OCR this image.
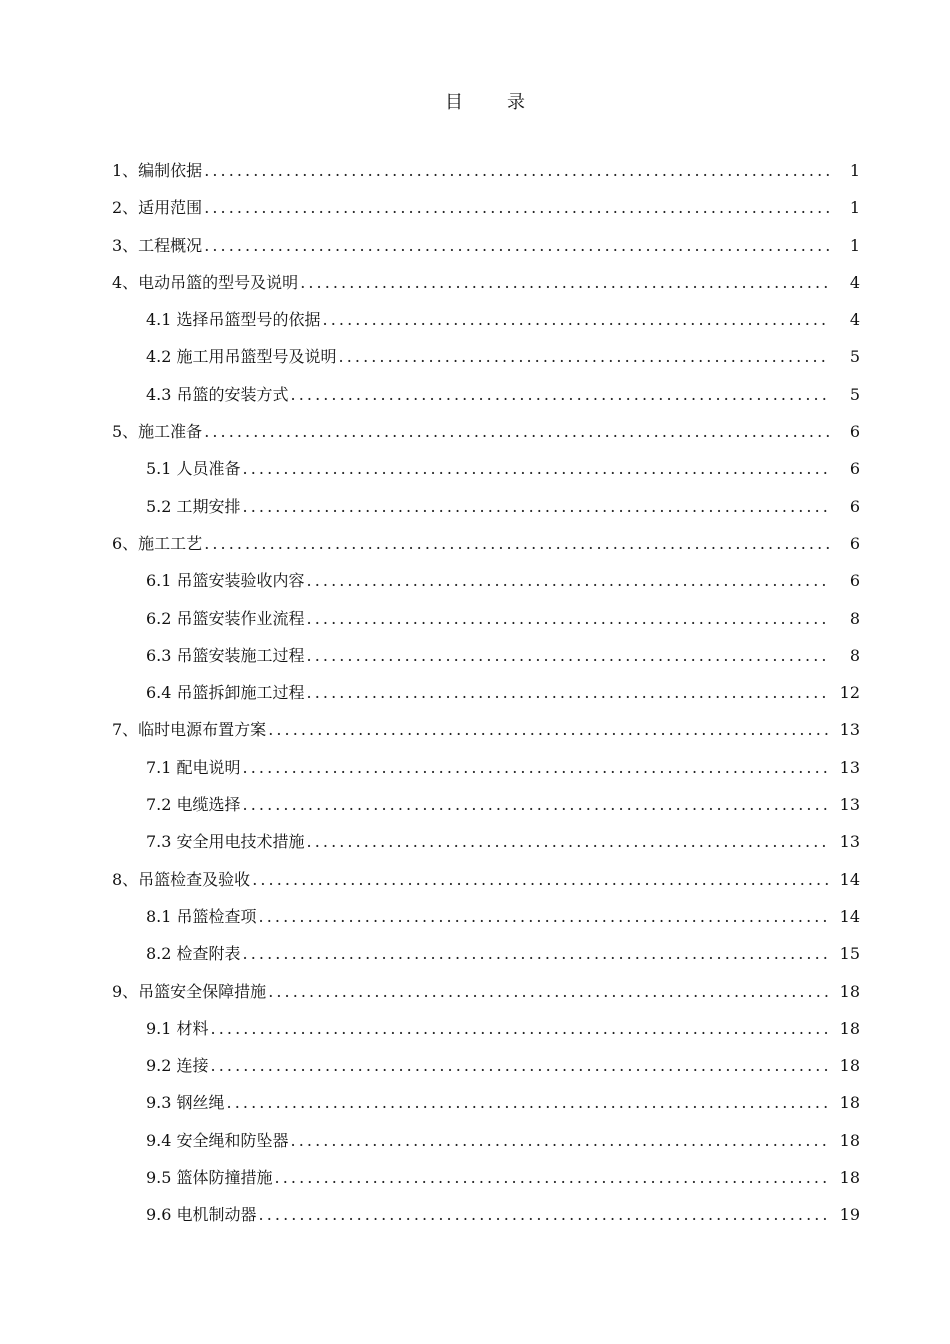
目 录
1、编制依据 . . .	1
2、适用范围 . . .	1
3、工程概况 . . .	1
4、电动吊篮的型号及说明 . . .	4
4.1 选择吊篮型号的依据 . . .	4
4.2 施工用吊篮型号及说明 . . .	5
4.3 吊篮的安装方式 . . .	5
5、施工准备 . . .	6
5.1 人员准备 . . .	6
5.2 工期安排 . . .	6
6、施工工艺 . . .	6
6.1 吊篮安装验收内容 . . .	6
6.2 吊篮安装作业流程 . . .	8
6.3 吊篮安装施工过程 . . .	8
6.4 吊篮拆卸施工过程 . . .	12
7、临时电源布置方案 . . .	13
7.1 配电说明 . . .	13
7.2 电缆选择 . . .	13
7.3 安全用电技术措施 . . .	13
8、吊篮检查及验收 . . .	14
8.1 吊篮检查项 . . .	14
8.2 检查附表 . . .	15
9、吊篮安全保障措施 . . .	18
9.1 材料 . . .	18
9.2 连接 . . .	18
9.3 钢丝绳 . . .	18
9.4 安全绳和防坠器 . . .	18
9.5 篮体防撞措施 . . .	18
9.6 电机制动器 . . .	19
